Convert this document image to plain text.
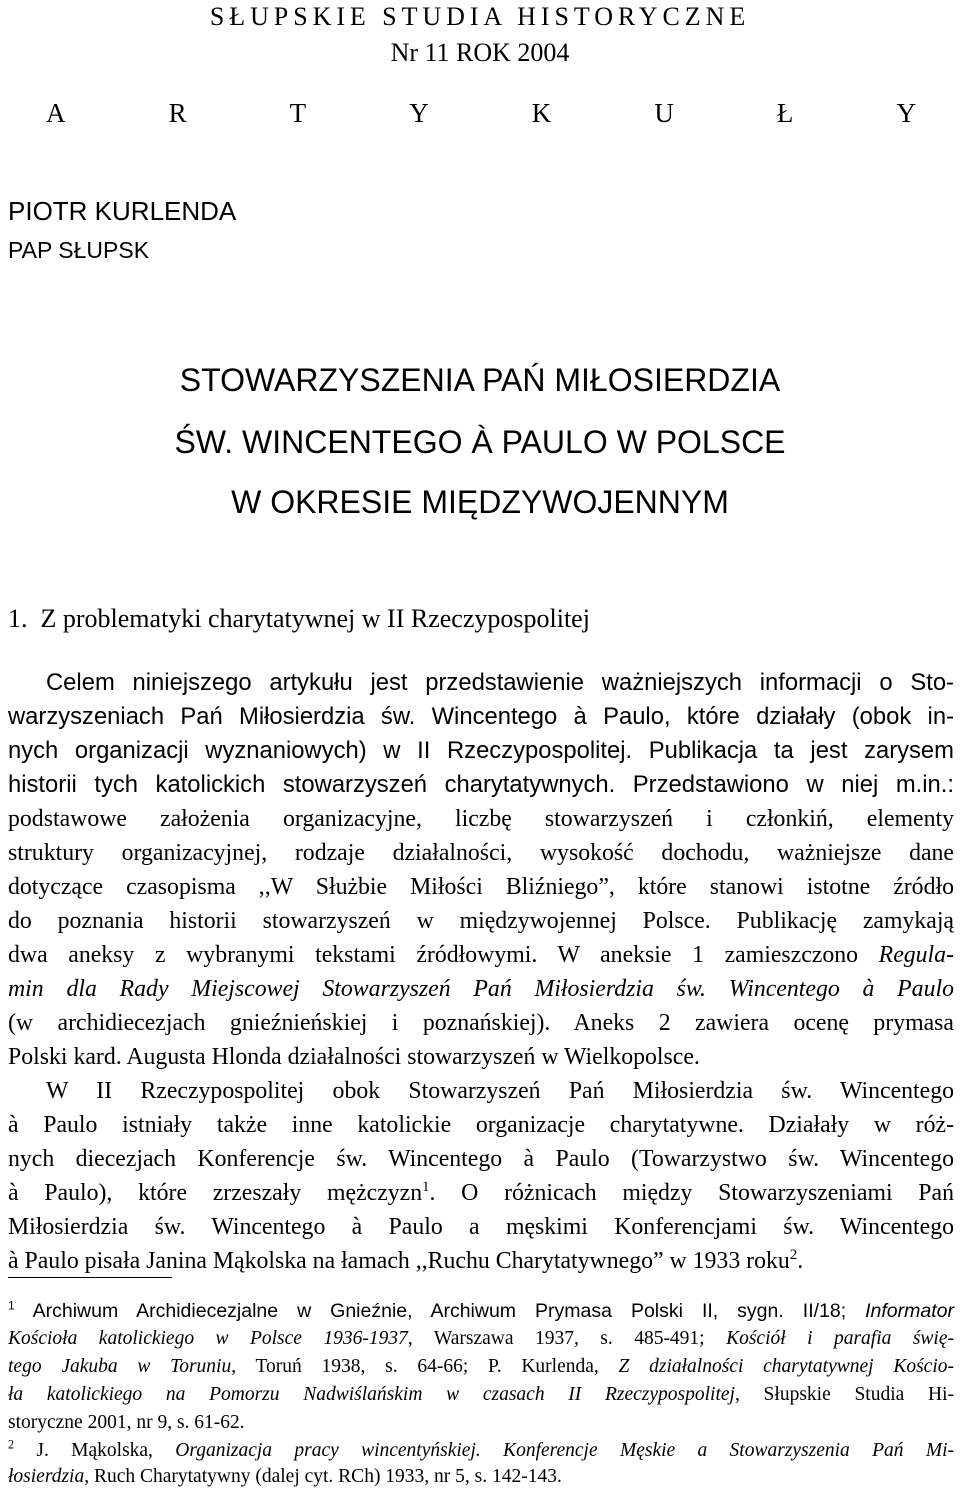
SŁUPSKIE STUDIA HISTORYCZNE
Nr 11 ROK 2004
A	R	T	Y	K	U	Ł	Y
PIOTR KURLENDA
PAP SŁUPSK
STOWARZYSZENIA PAŃ MIŁOSIERDZIA
ŚW. WINCENTEGO À PAULO W POLSCE
W OKRESIE MIĘDZYWOJENNYM
1.  Z problematyki charytatywnej w II Rzeczypospolitej
Celem niniejszego artykułu jest przedstawienie ważniejszych informacji o Sto-
warzyszeniach Pań Miłosierdzia św. Wincentego à Paulo, które działały (obok in-
nych organizacji wyznaniowych) w II Rzeczypospolitej. Publikacja ta jest zarysem
historii tych katolickich stowarzyszeń charytatywnych. Przedstawiono w niej m.in.:
podstawowe założenia organizacyjne, liczbę stowarzyszeń i członkiń, elementy
struktury organizacyjnej, rodzaje działalności, wysokość dochodu, ważniejsze dane
dotyczące czasopisma ,,W Służbie Miłości Bliźniego”, które stanowi istotne źródło
do poznania historii stowarzyszeń w międzywojennej Polsce. Publikację zamykają
dwa aneksy z wybranymi tekstami źródłowymi. W aneksie 1 zamieszczono Regula-
min dla Rady Miejscowej Stowarzyszeń Pań Miłosierdzia św. Wincentego à Paulo
(w archidiecezjach gnieźnieńskiej i poznańskiej). Aneks 2 zawiera ocenę prymasa
Polski kard. Augusta Hlonda działalności stowarzyszeń w Wielkopolsce.
W II Rzeczypospolitej obok Stowarzyszeń Pań Miłosierdzia św. Wincentego
à Paulo istniały także inne katolickie organizacje charytatywne. Działały w róż-
nych diecezjach Konferencje św. Wincentego à Paulo (Towarzystwo św. Wincentego
à Paulo), które zrzeszały mężczyzn$^1$. O różnicach między Stowarzyszeniami Pań
Miłosierdzia św. Wincentego à Paulo a męskimi Konferencjami św. Wincentego
à Paulo pisała Janina Mąkolska na łamach ,,Ruchu Charytatywnego” w 1933 roku$^2$.
$^1$ Archiwum Archidiecezjalne w Gnieźnie, Archiwum Prymasa Polski II, sygn. II/18; Informator
Kościoła katolickiego w Polsce 1936-1937, Warszawa 1937, s. 485-491; Kościół i parafia świę-
tego Jakuba w Toruniu, Toruń 1938, s. 64-66; P. Kurlenda, Z działalności charytatywnej Kościo-
ła katolickiego na Pomorzu Nadwiślańskim w czasach II Rzeczypospolitej, Słupskie Studia Hi-
storyczne 2001, nr 9, s. 61-62.
$^2$ J. Mąkolska, Organizacja pracy wincentyńskiej. Konferencje Męskie a Stowarzyszenia Pań Mi-
łosierdzia, Ruch Charytatywny (dalej cyt. RCh) 1933, nr 5, s. 142-143.
